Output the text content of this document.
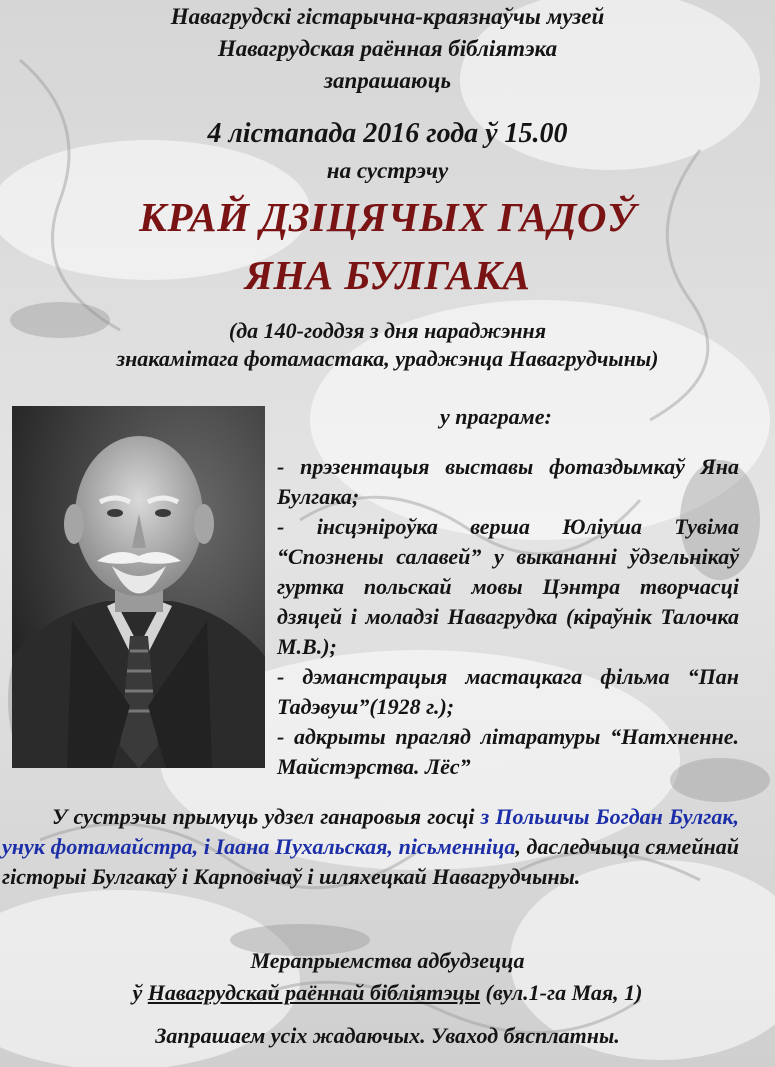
Навагрудскі гістарычна-краязнаўчы музей
Навагрудская раённая бібліятэка
запрашаюць
4 лістапада 2016 года ў 15.00
на сустрэчу
КРАЙ ДЗІЦЯЧЫХ ГАДОЎ
ЯНА БУЛГАКА
(да 140-годдзя з дня нараджэння
знакамітага фотамастака, ураджэнца Навагрудчыны)
у праграме:

- прэзентацыя выставы фотаздымкаў Яна Булгака;

- інсцэніроўка верша Юліуша Тувіма “Спознены салавей” у выкананні ўдзельнікаў гуртка польскай мовы Цэнтра творчасці дзяцей і моладзі Навагрудка (кіраўнік Талочка М.В.);

- дэманстрацыя мастацкага фільма “Пан Тадэвуш”(1928 г.);

- адкрыты прагляд літаратуры “Натхненне. Майстэрства. Лёс”

У сустрэчы прымуць удзел ганаровыя госці з Польшчы Богдан Булгак, унук фотамайстра, і Іаана Пухальская, пісьменніца, даследчыца сямейнай гісторыі Булгакаў і Карповічаў і шляхецкай Навагрудчыны.

Мерапрыемства адбудзецца
ў Навагрудскай раённай бібліятэцы (вул.1-га Мая, 1)
Запрашаем усіх жадаючых. Уваход бясплатны.
